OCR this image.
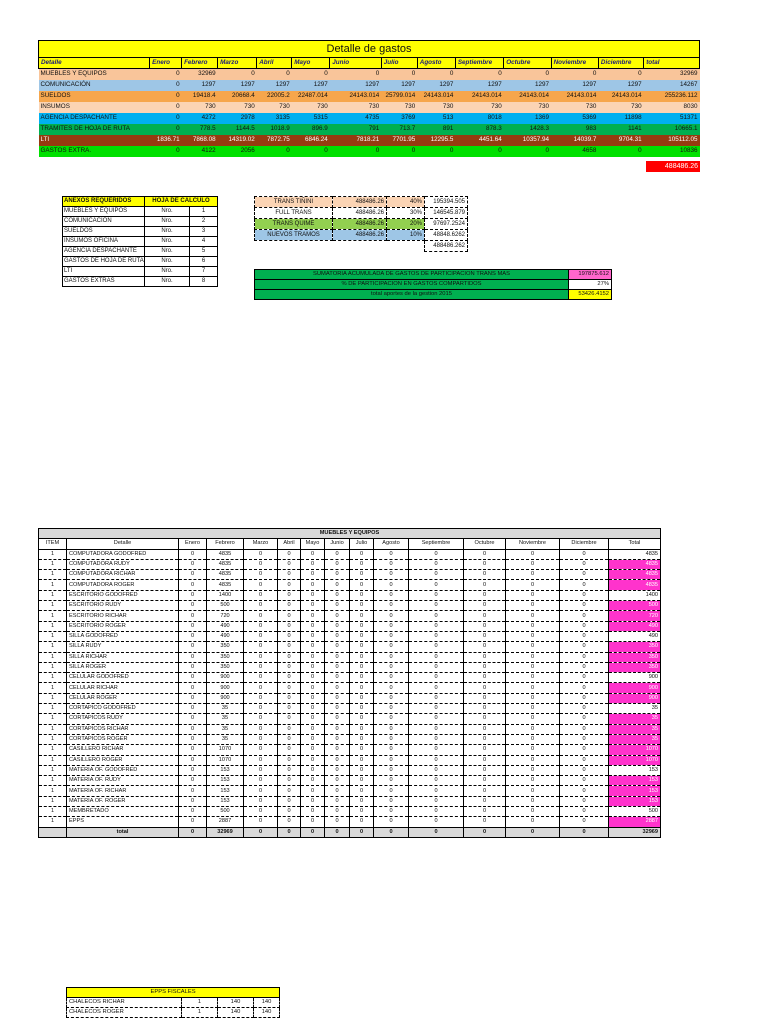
Detalle de gastos													
Detalle	Enero	Febrero	Marzo	Abril	Mayo	Junio	Julio	Agosto	Septiembre	Octubre	Noviembre	Diciembre	total
MUEBLES Y EQUIPOS	0	32969	0	0	0	0	0	0	0	0	0	0	32969
COMUNICACIÓN	0	1297	1297	1297	1297	1297	1297	1297	1297	1297	1297	1297	14267
SUELDOS	0	19418.4	20668.4	22005.2	22487.014	24143.014	25799.014	24143.014	24143.014	24143.014	24143.014	24143.014	255236.112
INSUMOS	0	730	730	730	730	730	730	730	730	730	730	730	8030
AGENCIA DESPACHANTE	0	4272	2978	3135	5315	4735	3769	513	8018	1369	5369	11898	51371
TRAMITES DE HOJA DE RUTA	0	778.5	1144.5	1018.9	896.9	791	713.7	891	878.3	1428.3	983	1141	10665.1
LTI	1836.71	7868.08	14319.02	7872.75	6846.24	7818.21	7701.95	12295.5	4451.64	10357.94	14039.7	9704.31	105112.05
GASTOS EXTRA.	0	4122	2056	0	0	0	0	0	0	0	4658	0	10836
488486.26
ANEXOS REQUERIDOS	HOJA DE CALCULO	
MUEBLES Y EQUIPOS	Nro.	1
COMUNICACIÓN	Nro.	2
SUELDOS	Nro.	3
INSUMOS OFICINA	Nro.	4
AGENCIA DESPACHANTE	Nro.	5
GASTOS DE HOJA DE RUTA	Nro.	6
LTI	Nro.	7
GASTOS EXTRAS	Nro.	8
TRANS TIÑINI	488486.26	40%	195394.505
FULL TRANS	488486.26	30%	146545.879
TRANS QUIME	488486.26	20%	97697.2524
NUEVOS TRAMOS	488486.26	10%	48848.6262
			488486.262
SUMATORIA ACUMULADA DE GASTOS DE PARTICIPACION TRANS MAS	197875.612
% DE PARTICIPACION EN GASTOS COMPARTIDOS	27%
total aportes de la gestion 2015	53426.4152
MUEBLES Y EQUIPOS														
ITEM	Detalle	Enero	Febrero	Marzo	Abril	Mayo	Junio	Julio	Agosto	Septiembre	Octubre	Noviembre	Diciembre	Total
1	COMPUTADORA GODOFRED	0	4835	0	0	0	0	0	0	0	0	0	0	4835
1	COMPUTADORA RUDY	0	4835	0	0	0	0	0	0	0	0	0	0	4835
1	COMPUTADORA RICHAR	0	4835	0	0	0	0	0	0	0	0	0	0	4835
1	COMPUTADORA ROGER	0	4835	0	0	0	0	0	0	0	0	0	0	4835
1	ESCRITORIO GODOFRED	0	1400	0	0	0	0	0	0	0	0	0	0	1400
1	ESCRITORIO RUDY	0	500	0	0	0	0	0	0	0	0	0	0	500
1	ESCRITORIO RICHAR	0	720	0	0	0	0	0	0	0	0	0	0	720
1	ESCRITORIO ROGER	0	490	0	0	0	0	0	0	0	0	0	0	490
1	SILLA GODOFRED	0	490	0	0	0	0	0	0	0	0	0	0	490
1	SILLA RUDY	0	350	0	0	0	0	0	0	0	0	0	0	350
1	SILLA RICHAR	0	350	0	0	0	0	0	0	0	0	0	0	350
1	SILLA ROGER	0	350	0	0	0	0	0	0	0	0	0	0	350
1	CELULAR GODOFRED	0	900	0	0	0	0	0	0	0	0	0	0	900
1	CELULAR RICHAR	0	900	0	0	0	0	0	0	0	0	0	0	900
1	CELULAR ROGER	0	900	0	0	0	0	0	0	0	0	0	0	900
1	CORTAPICO GODOFRED	0	35	0	0	0	0	0	0	0	0	0	0	35
1	CORTAPICOS RUDY	0	35	0	0	0	0	0	0	0	0	0	0	35
1	CORTAPICOS RICHAR	0	35	0	0	0	0	0	0	0	0	0	0	35
1	CORTAPICOS ROGER	0	35	0	0	0	0	0	0	0	0	0	0	35
1	CASILLERO RICHAR	0	1070	0	0	0	0	0	0	0	0	0	0	1070
1	CASILLERO ROGER	0	1070	0	0	0	0	0	0	0	0	0	0	1070
1	MATERIA OF. GODOFRED	0	153	0	0	0	0	0	0	0	0	0	0	153
1	MATERIA OF. RUDY	0	153	0	0	0	0	0	0	0	0	0	0	153
1	MATERIA OF. RICHAR	0	153	0	0	0	0	0	0	0	0	0	0	153
1	MATERIA OF. ROGER	0	153	0	0	0	0	0	0	0	0	0	0	153
1	MEMBRETADO	0	500	0	0	0	0	0	0	0	0	0	0	500
1	EPPS	0	2887	0	0	0	0	0	0	0	0	0	0	2887
	total	0	32969	0	0	0	0	0	0	0	0	0	0	32969
EPPS FISCALES			
CHALECOS RICHAR	1	140	140
CHALECOS ROGER	1	140	140
